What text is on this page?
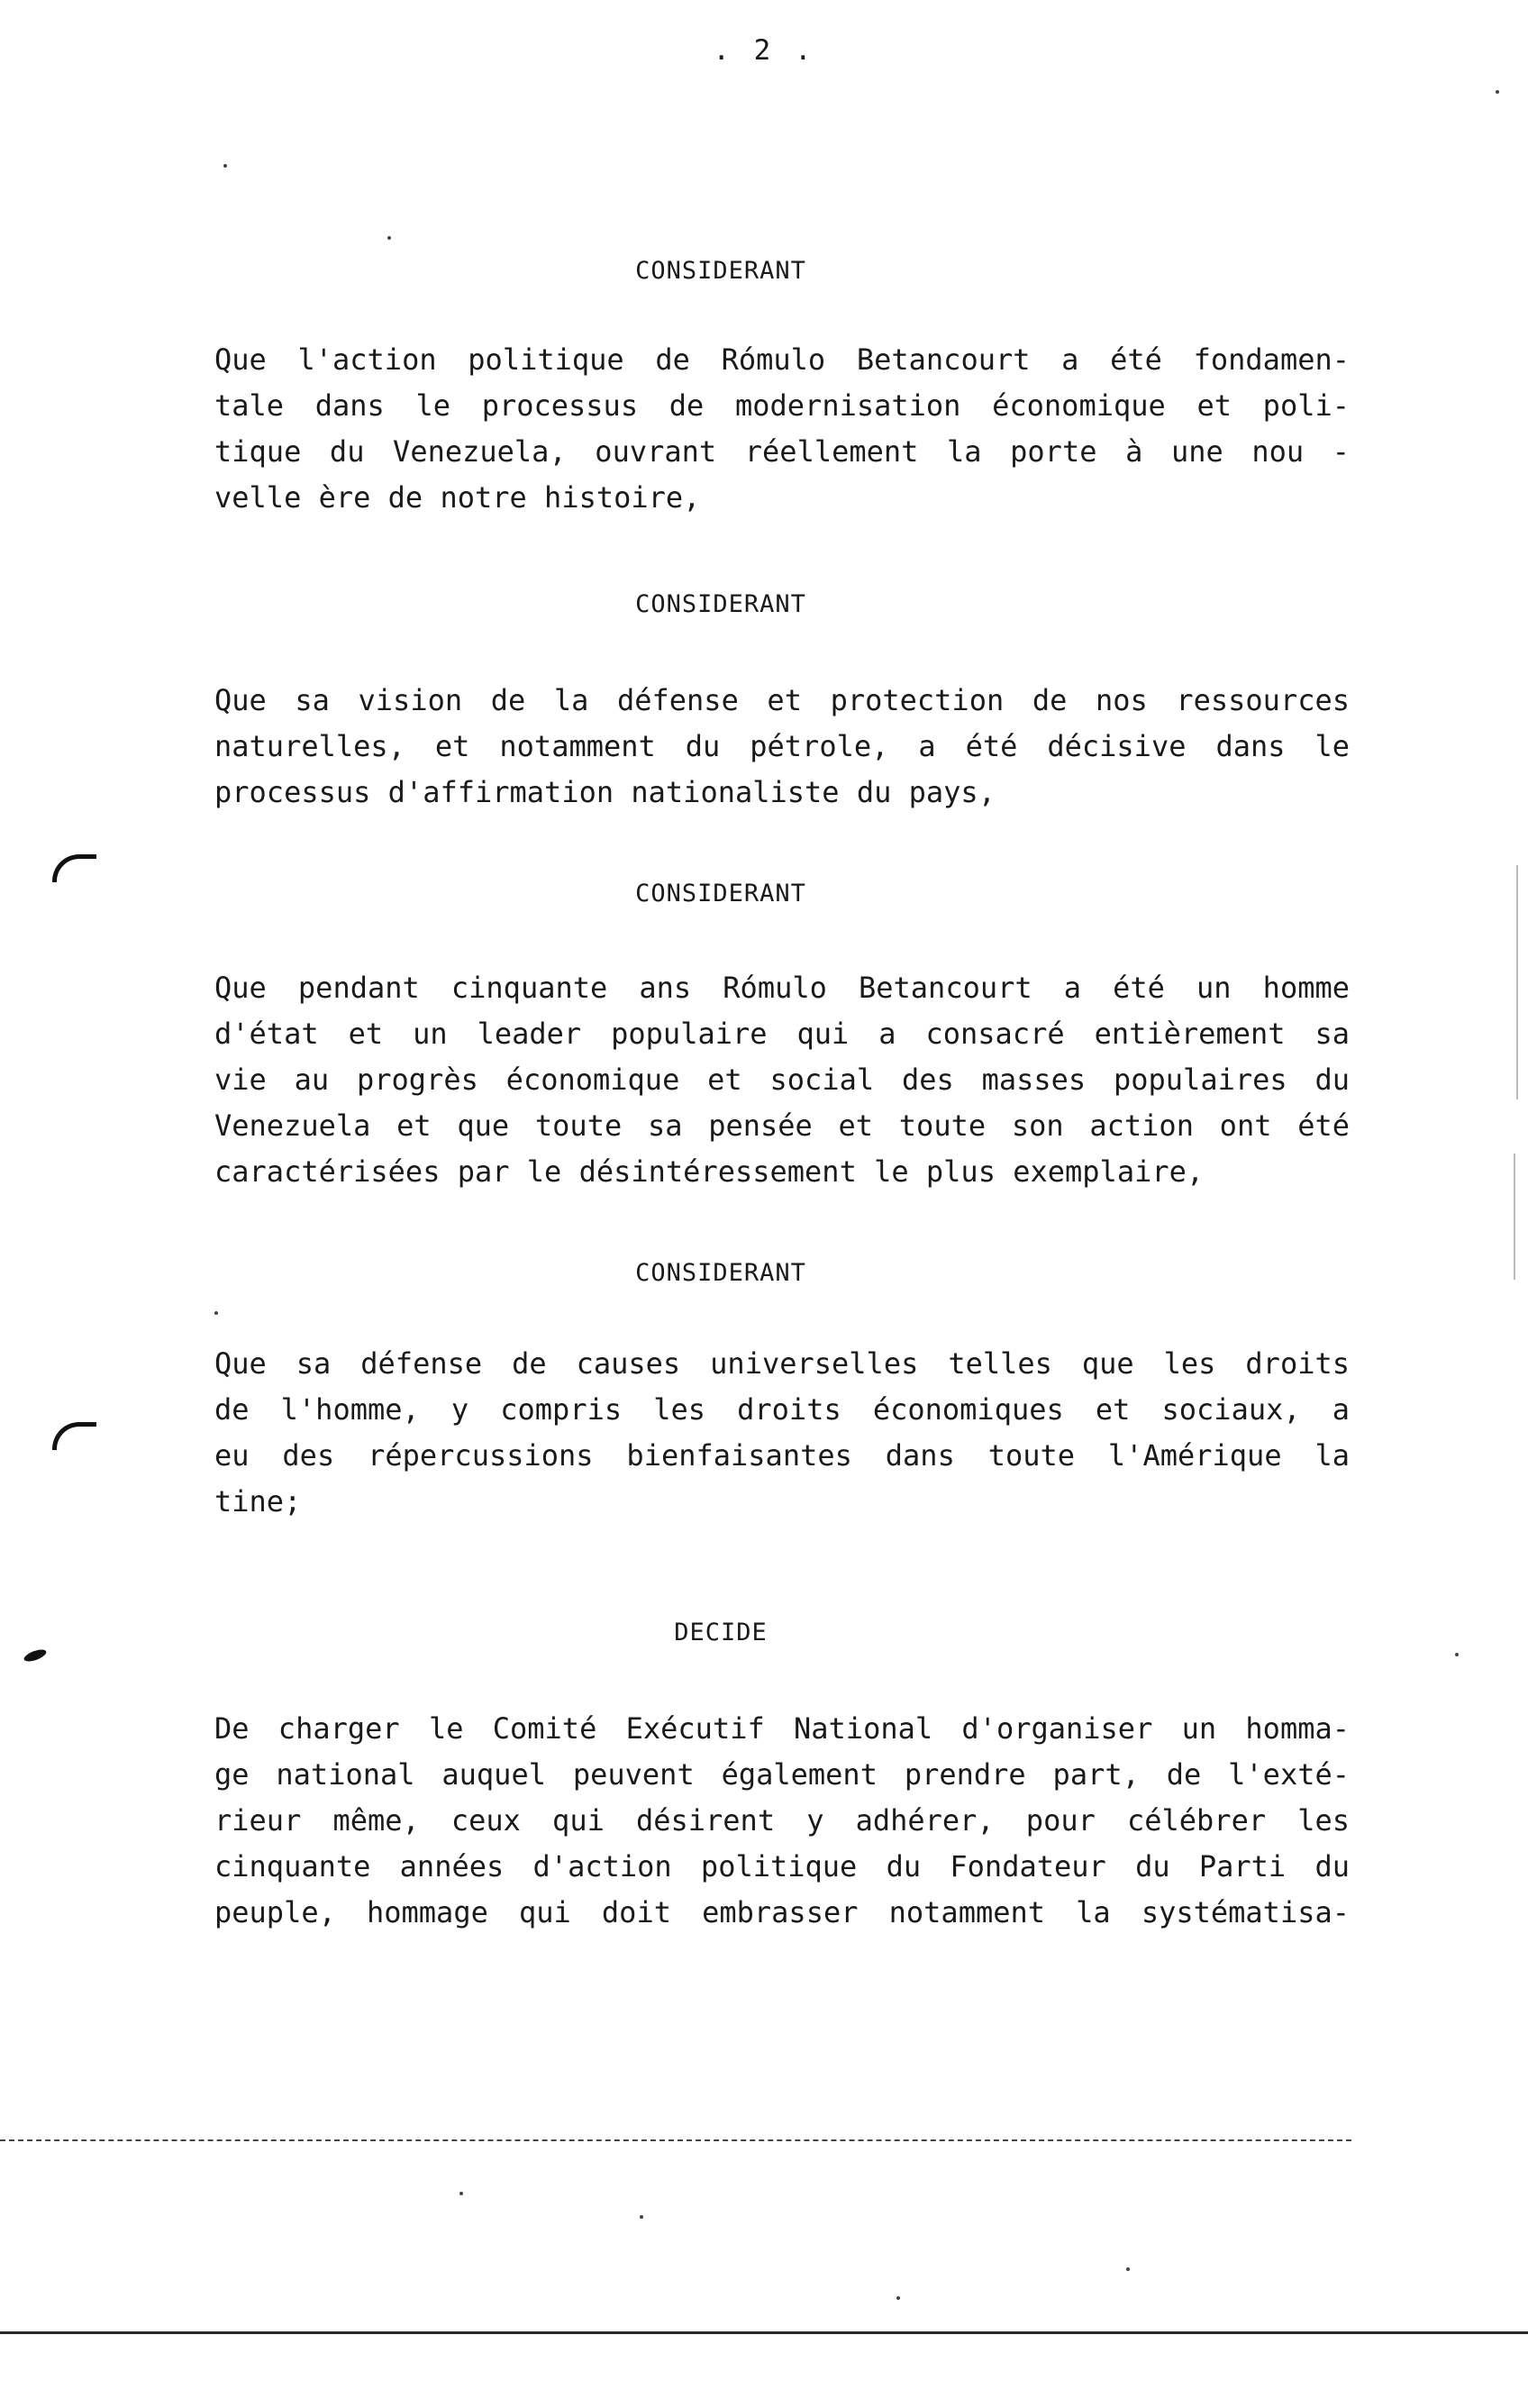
. 2 .
CONSIDERANT

Que l'action politique de Rómulo Betancourt a été fondamen-
tale dans le processus de modernisation économique et poli-
tique du Venezuela, ouvrant réellement la porte à une nou -
velle ère de notre histoire,

CONSIDERANT

Que sa vision de la défense et protection de nos ressources
naturelles, et notamment du pétrole, a été décisive dans le
processus d'affirmation nationaliste du pays,

CONSIDERANT

Que pendant cinquante ans Rómulo Betancourt a été un homme
d'état et un leader populaire qui a consacré entièrement sa
vie au progrès économique et social des masses populaires du
Venezuela et que toute sa pensée et toute son action ont été
caractérisées par le désintéressement le plus exemplaire,

CONSIDERANT

Que sa défense de causes universelles telles que les droits
de l'homme, y compris les droits économiques et sociaux, a
eu des répercussions bienfaisantes dans toute l'Amérique la
tine;

DECIDE

De charger le Comité Exécutif National d'organiser un homma-
ge national auquel peuvent également prendre part, de l'exté-
rieur même, ceux qui désirent y adhérer, pour célébrer les
cinquante années d'action politique du Fondateur du Parti du
peuple, hommage qui doit embrasser notamment la systématisa-
